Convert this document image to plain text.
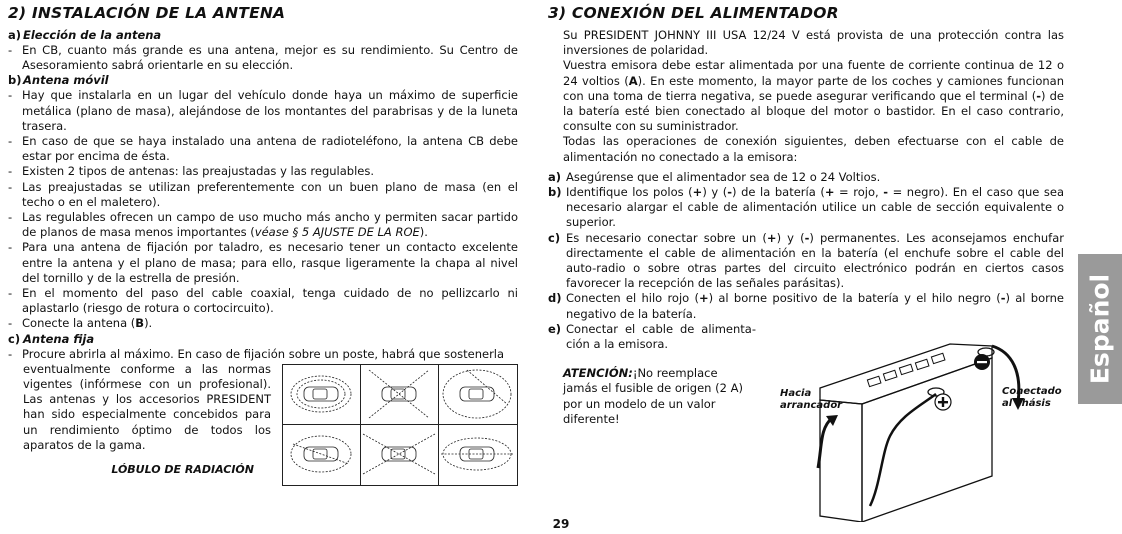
2) INSTALACIÓN DE LA ANTENA

a) Elección de la antena

- En CB, cuanto más grande es una antena, mejor es su rendimiento. Su Centro de Asesoramiento sabrá orientarle en su elección.

b) Antena móvil

- Hay que instalarla en un lugar del vehículo donde haya un máximo de superficie metálica (plano de masa), alejándose de los montantes del parabrisas y de la luneta trasera.

- En caso de que se haya instalado una antena de radioteléfono, la antena CB debe estar por encima de ésta.

- Existen 2 tipos de antenas: las preajustadas y las regulables.

- Las preajustadas se utilizan preferentemente con un buen plano de masa (en el techo o en el maletero).

- Las regulables ofrecen un campo de uso mucho más ancho y permiten sacar partido de planos de masa menos importantes (véase § 5 AJUSTE DE LA ROE).

- Para una antena de fijación por taladro, es necesario tener un contacto excelente entre la antena y el plano de masa; para ello, rasque ligeramente la chapa al nivel del tornillo y de la estrella de presión.

- En el momento del paso del cable coaxial, tenga cuidado de no pellizcarlo ni aplastarlo (riesgo de rotura o cortocircuito).

- Conecte la antena (B).

c) Antena fija

- Procure abrirla al máximo. En caso de fijación sobre un poste, habrá que sostenerla

eventualmente conforme a las normas vigentes (infórmese con un profesional). Las antenas y los accesorios PRESIDENT han sido especialmente concebidos para un rendimiento óptimo de todos los aparatos de la gama.

LÓBULO DE RADIACIÓN
3) CONEXIÓN DEL ALIMENTADOR

Su PRESIDENT JOHNNY III USA 12/24 V está provista de una protección contra las inversiones de polaridad.

Vuestra emisora debe estar alimentada por una fuente de corriente continua de 12 o 24 voltios (A). En este momento, la mayor parte de los coches y camiones funcionan con una toma de tierra negativa, se puede asegurar verificando que el terminal (-) de la batería esté bien conectado al bloque del motor o bastidor. En el caso contrario, consulte con su suministrador.

Todas las operaciones de conexión siguientes, deben efectuarse con el cable de alimentación no conectado a la emisora:

a) Asegúrense que el alimentador sea de 12 o 24 Voltios.

b) Identifique los polos (+) y (-) de la batería (+ = rojo, - = negro). En el caso que sea necesario alargar el cable de alimentación utilice un cable de sección equivalente o superior.

c) Es necesario conectar sobre un (+) y (-) permanentes. Les aconsejamos enchufar directamente el cable de alimentación en la batería (el enchufe sobre el cable del auto-radio o sobre otras partes del circuito electrónico podrán en ciertos casos favorecer la recepción de las señales parásitas).

d) Conecten el hilo rojo (+) al borne positivo de la batería y el hilo negro (-) al borne negativo de la batería.

e) Conectar el cable de alimenta- ción a la emisora.

ATENCIÓN:¡No reemplace jamás el fusible de origen (2 A) por un modelo de un valor diferente!

Hacia
arrancador
Conectado
al chásis
Español
29
